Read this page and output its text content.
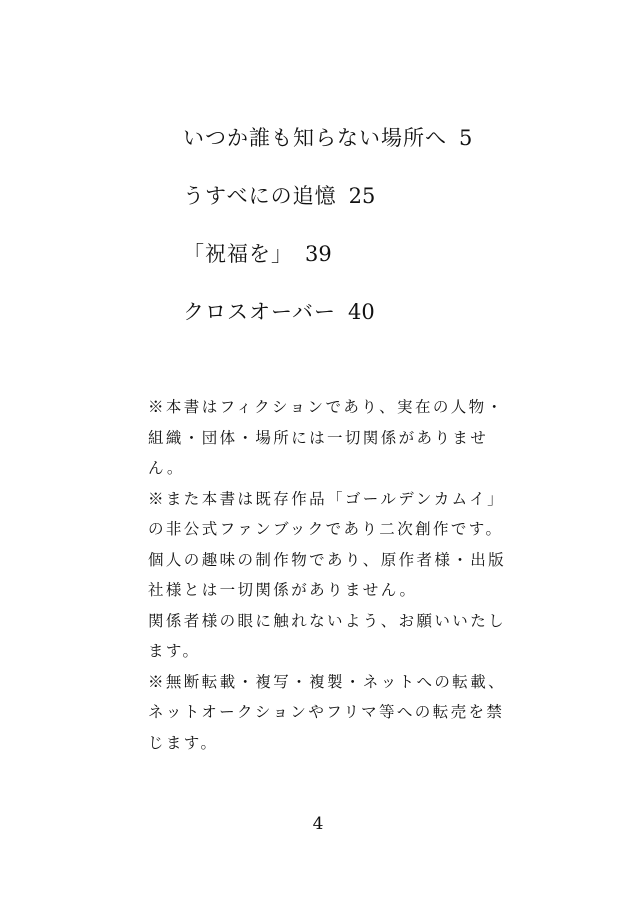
いつか誰も知らない場所へ 5
うすべにの追憶 25
「祝福を」 39
クロスオーバー 40

※本書はフィクションであり、実在の人物・組織・団体・場所には一切関係がありません。

※また本書は既存作品「ゴールデンカムイ」の非公式ファンブックであり二次創作です。個人の趣味の制作物であり、原作者様・出版社様とは一切関係がありません。

関係者様の眼に触れないよう、お願いいたします。

※無断転載・複写・複製・ネットへの転載、ネットオークションやフリマ等への転売を禁じます。

4
